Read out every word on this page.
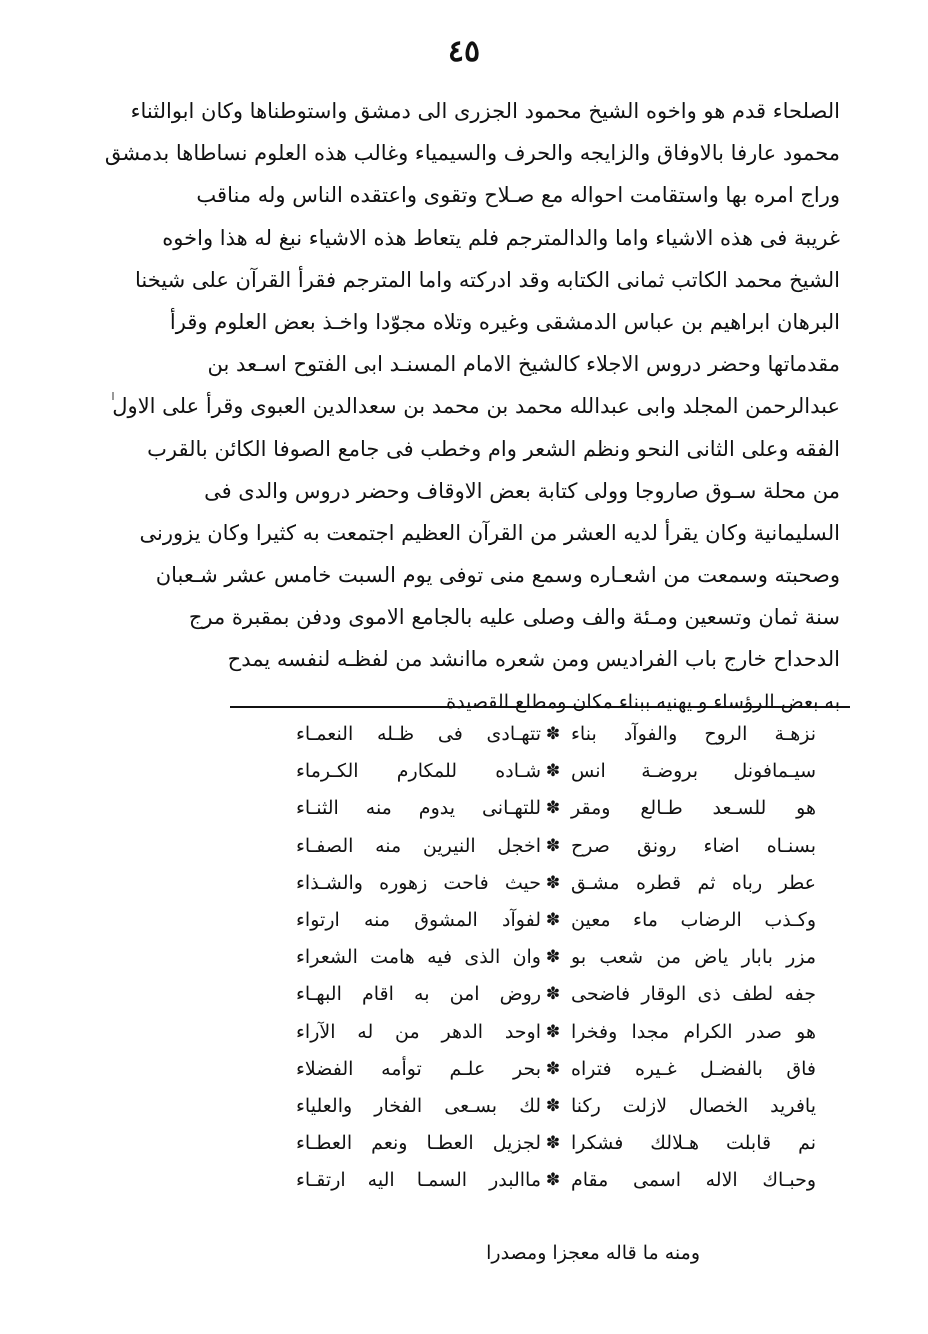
٤٥
الصلحاء قدم هو واخوه الشيخ محمود الجزرى الى دمشق واستوطناها وكان ابوالثناء
محمود عارفا بالاوفاق والزايجه والحرف والسيمياء وغالب هذه العلوم نساطاها بدمشق
وراج امره بها واستقامت احواله مع صـلاح وتقوى واعتقده الناس وله مناقب
غريبة فى هذه الاشياء واما والدالمترجم فلم يتعاط هذه الاشياء نبغ له هذا واخوه
الشيخ محمد الكاتب ثمانى الكتابه وقد ادركته واما المترجم فقرأ القرآن على شيخنا
البرهان ابراهيم بن عباس الدمشقى وغيره وتلاه مجوّدا واخـذ بعض العلوم وقرأ
مقدماتها وحضر دروس الاجلاء كالشيخ الامام المسنـد ابى الفتوح اسـعد بن
عبدالرحمن المجلد وابى عبدالله محمد بن محمد بن سعدالدين العبوى وقرأ على الاول
الفقه وعلى الثانى النحو ونظم الشعر وام وخطب فى جامع الصوفا الكائن بالقرب
من محلة سـوق صاروجا وولى كتابة بعض الاوقاف وحضر دروس والدى فى
السليمانية وكان يقرأ لديه العشر من القرآن العظيم اجتمعت به كثيرا وكان يزورنى
وصحبته وسمعت من اشعـاره وسمع منى توفى يوم السبت خامس عشر شـعبان
سنة ثمان وتسعين ومـئة والف وصلى عليه بالجامع الاموى ودفن بمقبرة مرج
الدحداح خارج باب الفراديس ومن شعره ماانشد من لفظـه لنفسه يمدح
به بعض الرؤساء و يهنيه ببناء مكان ومطلع القصيدة
نزهـة الروح والفوآد بناء
✽
تتهـادى فى ظـله النعمـاء
سيـمافونل بروضـة انس
✽
شـاده للمكارم الكـرماء
هو للسـعد طـالع ومقر
✽
للتهـانى يدوم منه الثنـاء
بسنـاه اضاء رونق صرح
✽
اخجل النيرين منه الصفـاء
عطر رباه ثم قطره مشـق
✽
حيث فاحت زهوره والشـذاء
وكـذب الرضاب ماء معين
✽
لفوآد المشوق منه ارتواء
مزر بابار ياض من شعب بو
✽
وان الذى فيه هامت الشعراء
جفه لطف ذى الوقار فاضحى
✽
روض امن به اقام البهـاء
هو صدر الكرام مجدا وفخرا
✽
اوحد الدهر من له الآراء
فاق بالفضـل غـيره فتراه
✽
بحر علـم توأمه الفضلاء
يافريد الخصال لازلت ركنا
✽
لك بسـعى الفخار والعلياء
نم قابلت هـلالك فشكرا
✽
لجزيل العطـا ونعم العطـاء
وحبـاك الاله اسمى مقام
✽
ماالبدر السمـا اليه ارتقـاء
ومنه ما قاله معجزا ومصدرا
